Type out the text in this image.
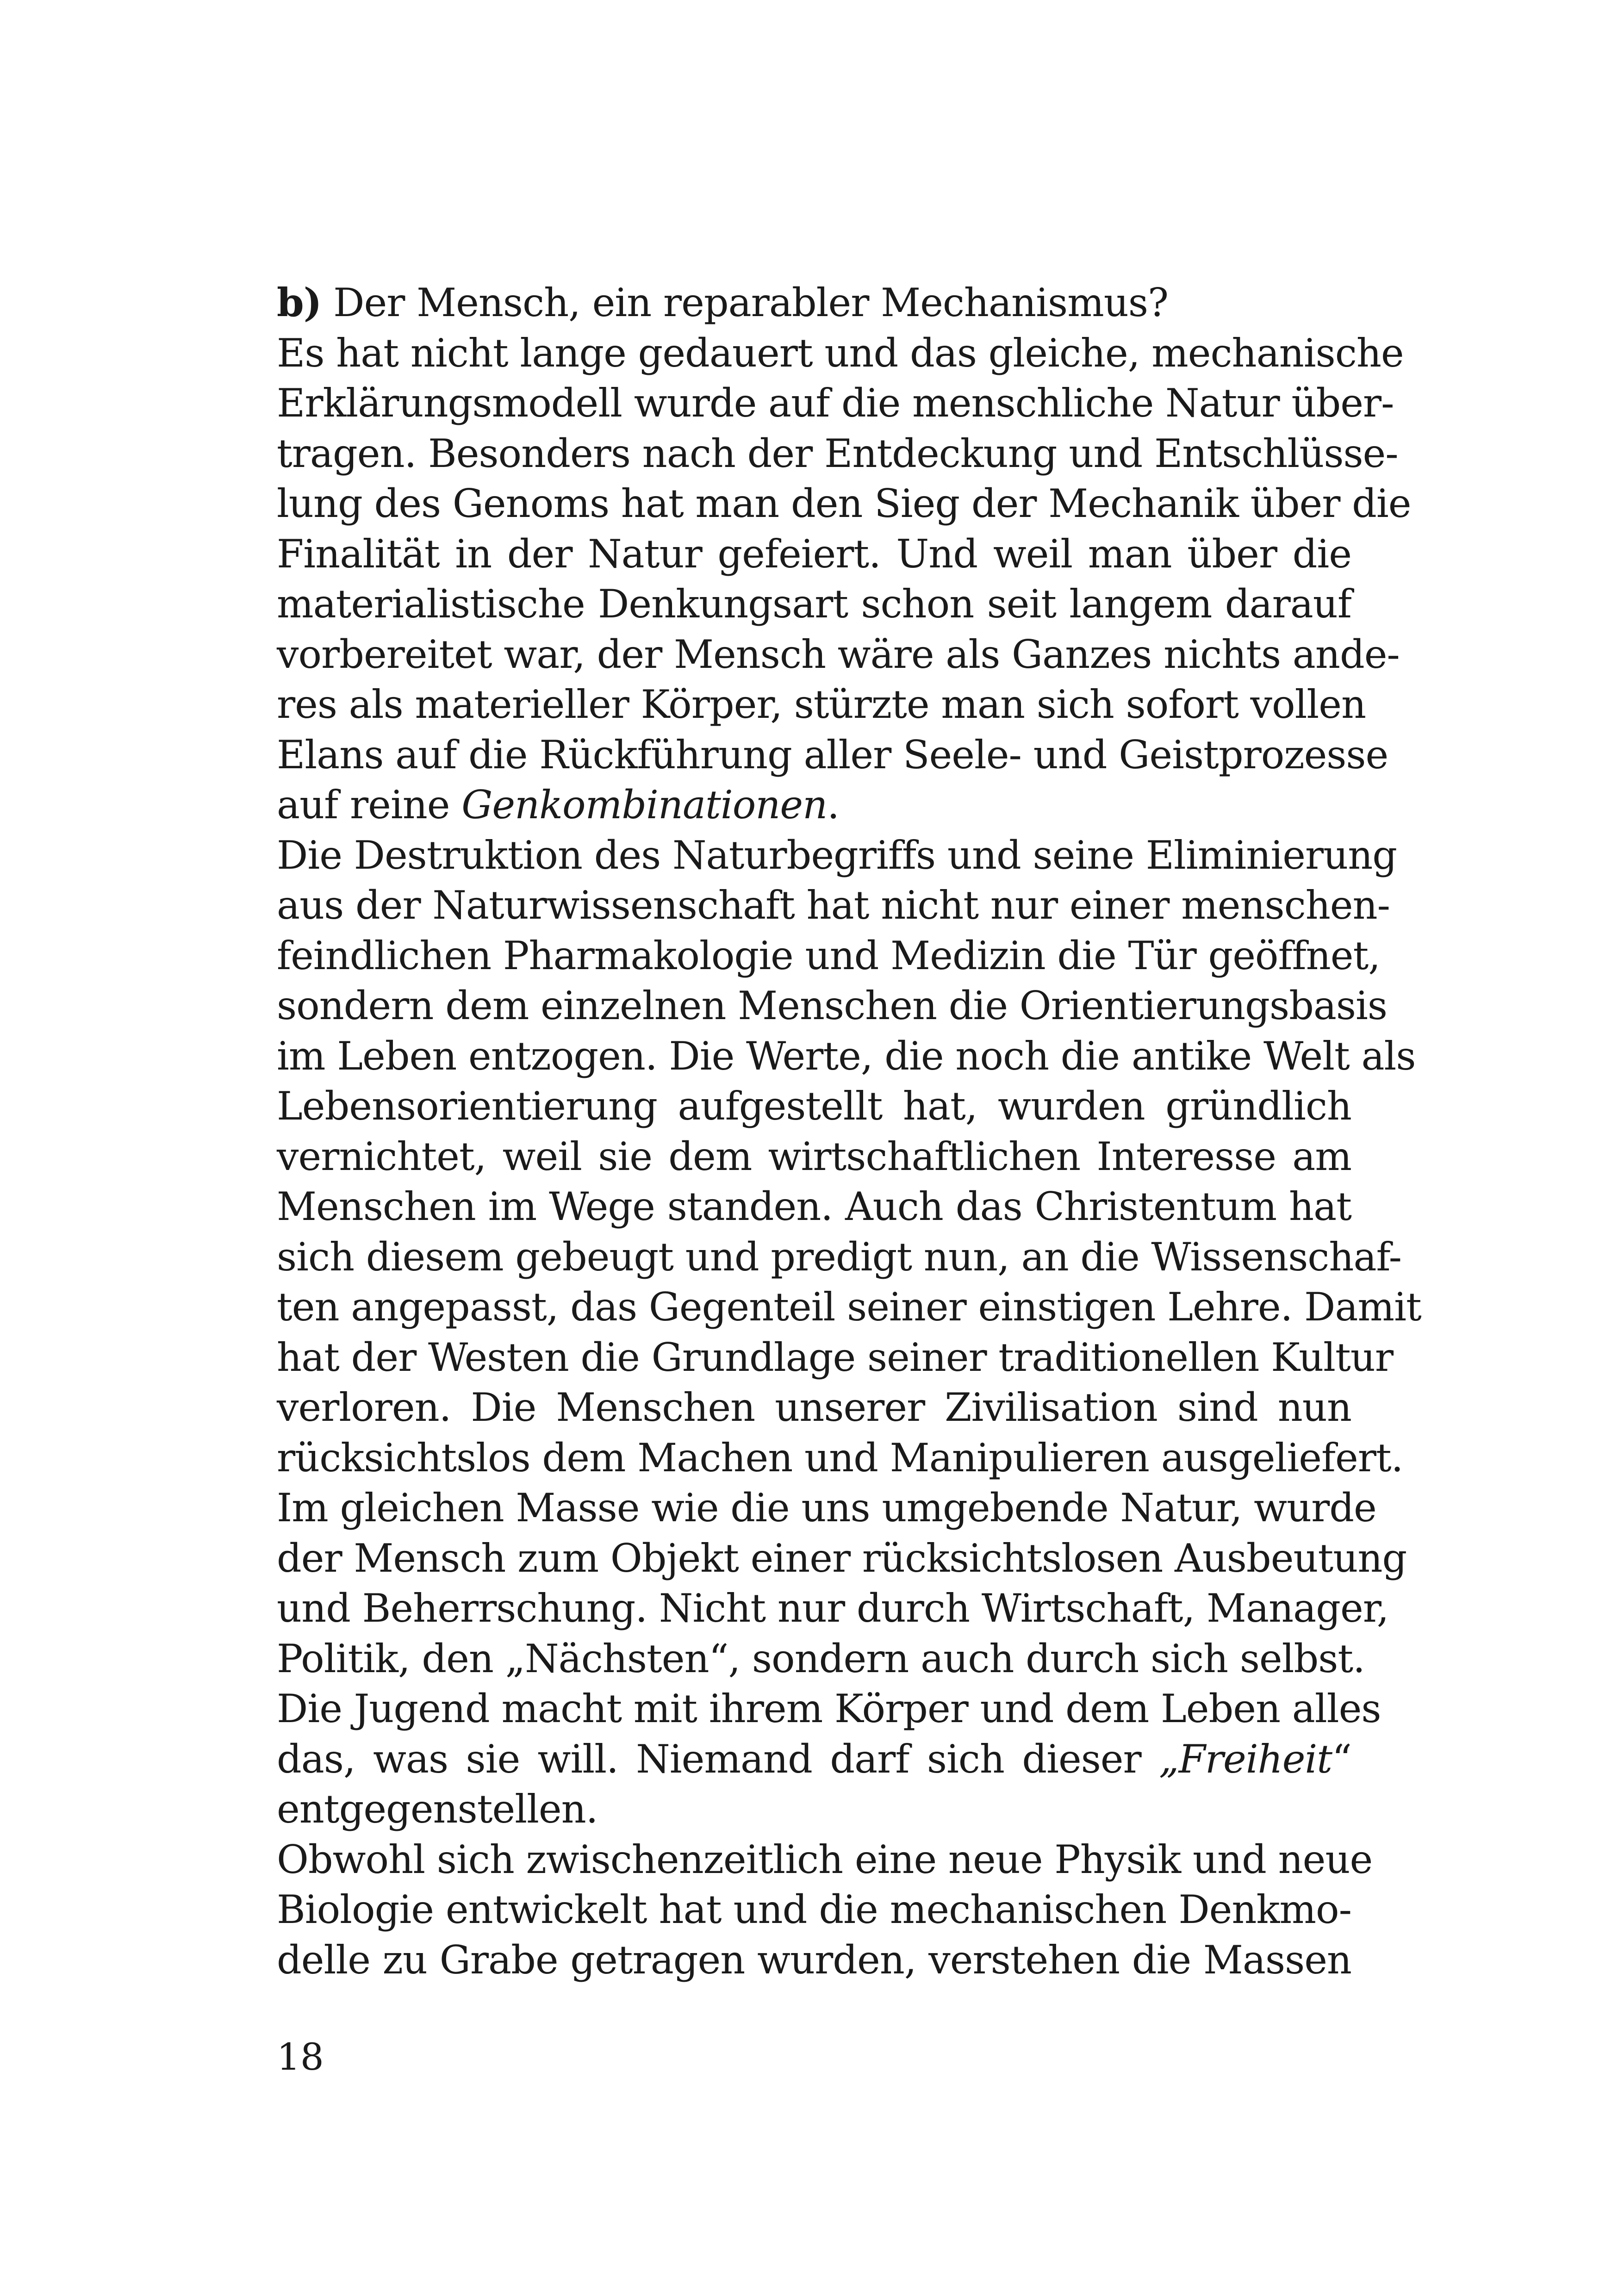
b) Der Mensch, ein reparabler Mechanismus?
Es hat nicht lange gedauert und das gleiche, mechanische
Erklärungsmodell wurde auf die menschliche Natur über-
tragen. Besonders nach der Entdeckung und Entschlüsse-
lung des Genoms hat man den Sieg der Mechanik über die
Finalität in der Natur gefeiert. Und weil man über die
materialistische Denkungsart schon seit langem darauf
vorbereitet war, der Mensch wäre als Ganzes nichts ande-
res als materieller Körper, stürzte man sich sofort vollen
Elans auf die Rückführung aller Seele- und Geistprozesse
auf reine Genkombinationen.
Die Destruktion des Naturbegriffs und seine Eliminierung
aus der Naturwissenschaft hat nicht nur einer menschen-
feindlichen Pharmakologie und Medizin die Tür geöffnet,
sondern dem einzelnen Menschen die Orientierungsbasis
im Leben entzogen. Die Werte, die noch die antike Welt als
Lebensorientierung aufgestellt hat, wurden gründlich
vernichtet, weil sie dem wirtschaftlichen Interesse am
Menschen im Wege standen. Auch das Christentum hat
sich diesem gebeugt und predigt nun, an die Wissenschaf-
ten angepasst, das Gegenteil seiner einstigen Lehre. Damit
hat der Westen die Grundlage seiner traditionellen Kultur
verloren. Die Menschen unserer Zivilisation sind nun
rücksichtslos dem Machen und Manipulieren ausgeliefert.
Im gleichen Masse wie die uns umgebende Natur, wurde
der Mensch zum Objekt einer rücksichtslosen Ausbeutung
und Beherrschung. Nicht nur durch Wirtschaft, Manager,
Politik, den „Nächsten“, sondern auch durch sich selbst.
Die Jugend macht mit ihrem Körper und dem Leben alles
das, was sie will. Niemand darf sich dieser „Freiheit“
entgegenstellen.
Obwohl sich zwischenzeitlich eine neue Physik und neue
Biologie entwickelt hat und die mechanischen Denkmo-
delle zu Grabe getragen wurden, verstehen die Massen
18
